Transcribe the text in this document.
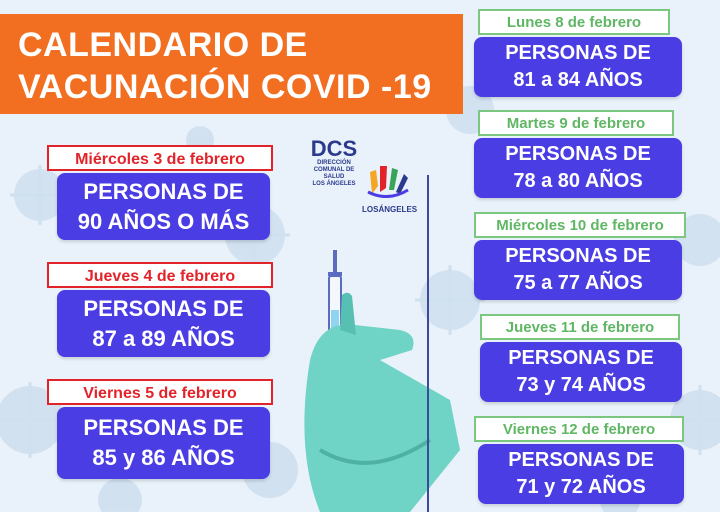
CALENDARIO DE
VACUNACIÓN COVID -19
DCS
DIRECCIÓN
COMUNAL DE
SALUD
LOS ÁNGELES
LOSÁNGELES
Miércoles 3 de febrero
PERSONAS DE
90 AÑOS O MÁS
Jueves 4 de febrero
PERSONAS DE
87 a 89 AÑOS
Viernes 5 de febrero
PERSONAS DE
85 y 86 AÑOS
Lunes 8 de febrero
PERSONAS DE
81 a 84 AÑOS
Martes 9 de febrero
PERSONAS DE
78 a 80 AÑOS
Miércoles 10 de febrero
PERSONAS DE
75 a 77 AÑOS
Jueves 11 de febrero
PERSONAS DE
73 y 74 AÑOS
Viernes 12 de febrero
PERSONAS DE
71 y 72 AÑOS
